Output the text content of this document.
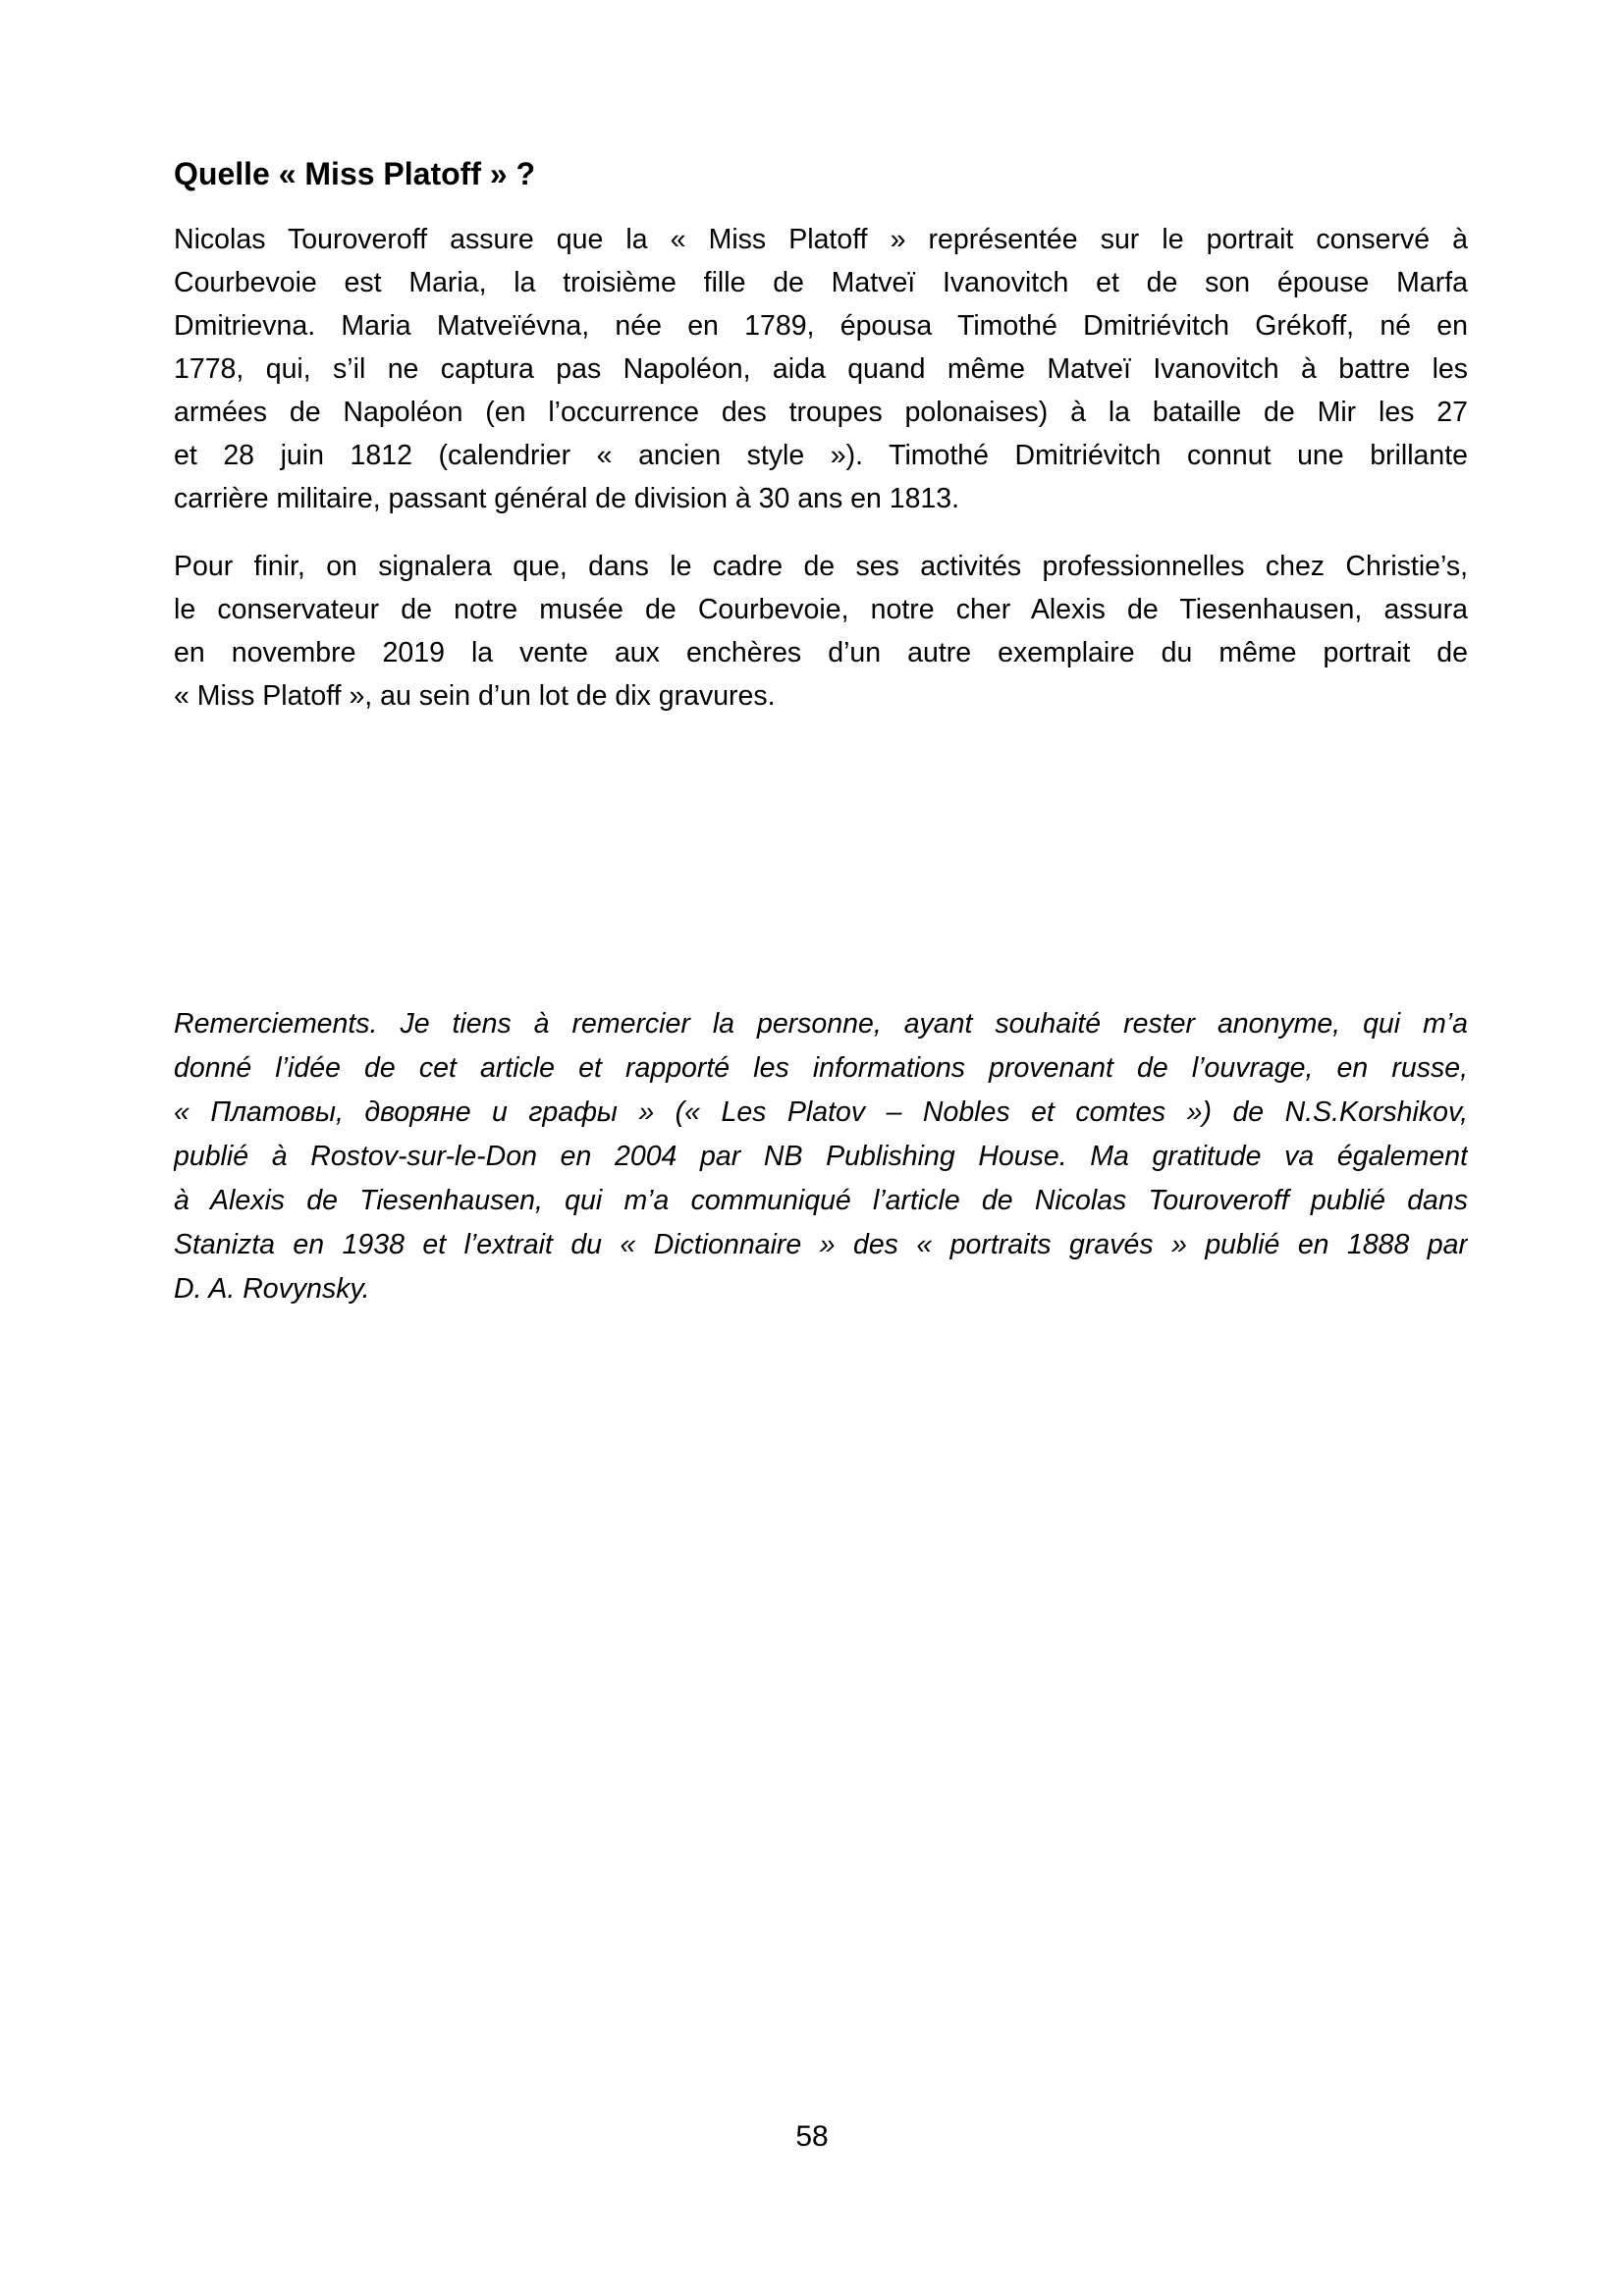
Quelle « Miss Platoff » ?
Nicolas Touroveroff assure que la « Miss Platoff » représentée sur le portrait conservé à
Courbevoie est Maria, la troisième fille de Matveï Ivanovitch et de son épouse Marfa
Dmitrievna. Maria Matveïévna, née en 1789, épousa Timothé Dmitriévitch Grékoff, né en
1778, qui, s’il ne captura pas Napoléon, aida quand même Matveï Ivanovitch à battre les
armées de Napoléon (en l’occurrence des troupes polonaises) à la bataille de Mir les 27
et 28 juin 1812 (calendrier « ancien style »). Timothé Dmitriévitch connut une brillante
carrière militaire, passant général de division à 30 ans en 1813.
Pour finir, on signalera que, dans le cadre de ses activités professionnelles chez Christie’s,
le conservateur de notre musée de Courbevoie, notre cher Alexis de Tiesenhausen, assura
en novembre 2019 la vente aux enchères d’un autre exemplaire du même portrait de
« Miss Platoff », au sein d’un lot de dix gravures.
Remerciements. Je tiens à remercier la personne, ayant souhaité rester anonyme, qui m’a
donné l’idée de cet article et rapporté les informations provenant de l’ouvrage, en russe,
« Платовы, дворяне и графы » (« Les Platov – Nobles et comtes ») de N.S.Korshikov,
publié à Rostov-sur-le-Don en 2004 par NB Publishing House. Ma gratitude va également
à Alexis de Tiesenhausen, qui m’a communiqué l’article de Nicolas Touroveroff publié dans
Stanizta en 1938 et l’extrait du « Dictionnaire » des « portraits gravés » publié en 1888 par
D. A. Rovynsky.
58
